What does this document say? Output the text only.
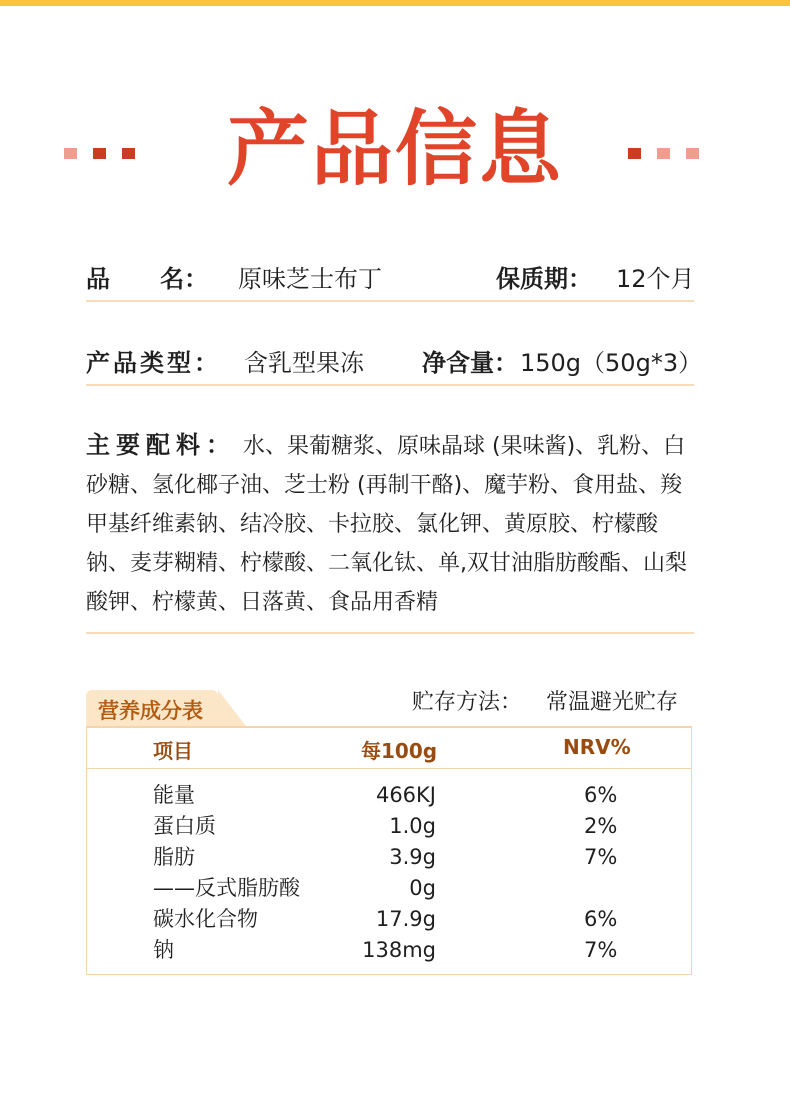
产品信息
品      名： 原味芝士布丁	保质期： 12个月
产品类型： 含乳型果冻 净含量： 150g（50g*3）

主要配料： 水、果葡糖浆、原味晶球 (果味酱)、乳粉、白砂糖、氢化椰子油、芝士粉 (再制干酪)、魔芋粉、食用盐、羧甲基纤维素钠、结冷胶、卡拉胶、氯化钾、黄原胶、柠檬酸钠、麦芽糊精、柠檬酸、二氧化钛、单,双甘油脂肪酸酯、山梨酸钾、柠檬黄、日落黄、食品用香精

营养成分表	贮存方法： 常温避光贮存
项目	每100g	NRV%
能量	466KJ	6%
蛋白质	1.0g	2%
脂肪	3.9g	7%
——反式脂肪酸	0g
碳水化合物	17.9g	6%
钠	138mg	7%
